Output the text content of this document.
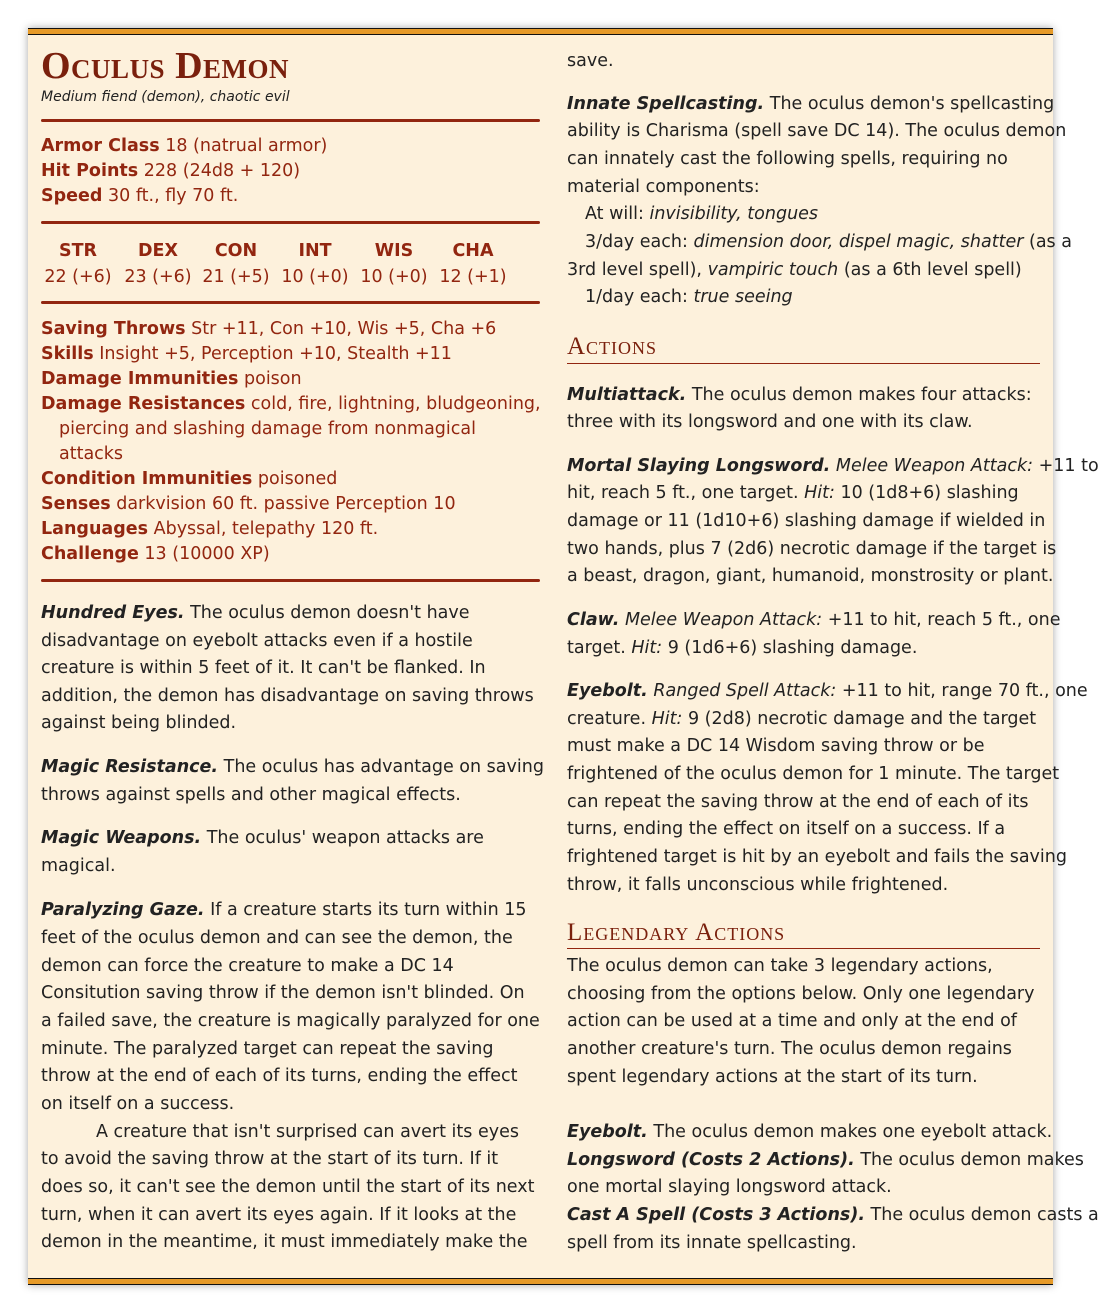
Oculus Demon
Medium fiend (demon), chaotic evil
Armor Class 18 (natrual armor)
Hit Points 228 (24d8 + 120)
Speed 30 ft., fly 70 ft.
STR
22 (+6)
DEX
23 (+6)
CON
21 (+5)
INT
10 (+0)
WIS
10 (+0)
CHA
12 (+1)
Saving Throws Str +11, Con +10, Wis +5, Cha +6
Skills Insight +5, Perception +10, Stealth +11
Damage Immunities poison
Damage Resistances cold, fire, lightning, bludgeoning,
piercing and slashing damage from nonmagical
attacks
Condition Immunities poisoned
Senses darkvision 60 ft. passive Perception 10
Languages Abyssal, telepathy 120 ft.
Challenge 13 (10000 XP)
Hundred Eyes. The oculus demon doesn't have
disadvantage on eyebolt attacks even if a hostile
creature is within 5 feet of it. It can't be flanked. In
addition, the demon has disadvantage on saving throws
against being blinded.
Magic Resistance. The oculus has advantage on saving
throws against spells and other magical effects.
Magic Weapons. The oculus' weapon attacks are
magical.
Paralyzing Gaze. If a creature starts its turn within 15
feet of the oculus demon and can see the demon, the
demon can force the creature to make a DC 14
Consitution saving throw if the demon isn't blinded. On
a failed save, the creature is magically paralyzed for one
minute. The paralyzed target can repeat the saving
throw at the end of each of its turns, ending the effect
on itself on a success.
A creature that isn't surprised can avert its eyes
to avoid the saving throw at the start of its turn. If it
does so, it can't see the demon until the start of its next
turn, when it can avert its eyes again. If it looks at the
demon in the meantime, it must immediately make the
save.
Innate Spellcasting. The oculus demon's spellcasting
ability is Charisma (spell save DC 14). The oculus demon
can innately cast the following spells, requiring no
material components:
At will: invisibility, tongues
3/day each: dimension door, dispel magic, shatter (as a
3rd level spell), vampiric touch (as a 6th level spell)
1/day each: true seeing
Actions
Multiattack. The oculus demon makes four attacks:
three with its longsword and one with its claw.
Mortal Slaying Longsword. Melee Weapon Attack: +11 to
hit, reach 5 ft., one target. Hit: 10 (1d8+6) slashing
damage or 11 (1d10+6) slashing damage if wielded in
two hands, plus 7 (2d6) necrotic damage if the target is
a beast, dragon, giant, humanoid, monstrosity or plant.
Claw. Melee Weapon Attack: +11 to hit, reach 5 ft., one
target. Hit: 9 (1d6+6) slashing damage.
Eyebolt. Ranged Spell Attack: +11 to hit, range 70 ft., one
creature. Hit: 9 (2d8) necrotic damage and the target
must make a DC 14 Wisdom saving throw or be
frightened of the oculus demon for 1 minute. The target
can repeat the saving throw at the end of each of its
turns, ending the effect on itself on a success. If a
frightened target is hit by an eyebolt and fails the saving
throw, it falls unconscious while frightened.
Legendary Actions
The oculus demon can take 3 legendary actions,
choosing from the options below. Only one legendary
action can be used at a time and only at the end of
another creature's turn. The oculus demon regains
spent legendary actions at the start of its turn.
Eyebolt. The oculus demon makes one eyebolt attack.
Longsword (Costs 2 Actions). The oculus demon makes
one mortal slaying longsword attack.
Cast A Spell (Costs 3 Actions). The oculus demon casts a
spell from its innate spellcasting.
